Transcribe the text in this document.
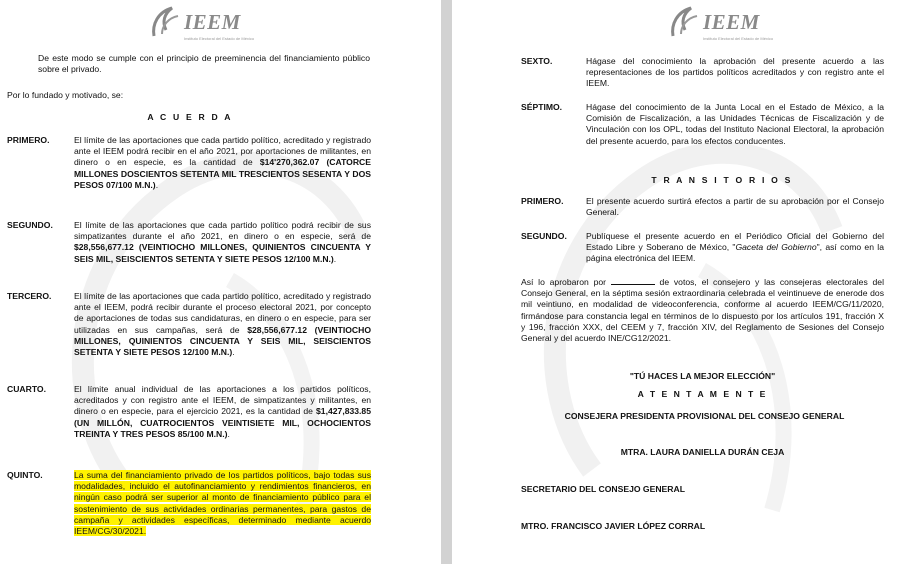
IEEM
Instituto Electoral del Estado de México
De este modo se cumple con el principio de preeminencia del financiamiento público sobre el privado.
Por lo fundado y motivado, se:
A C U E R D A
PRIMERO.	El límite de las aportaciones que cada partido político, acreditado y registrado ante el IEEM podrá recibir en el año 2021, por aportaciones de militantes, en dinero o en especie, es la cantidad de $14'270,362.07 (CATORCE MILLONES DOSCIENTOS SETENTA MIL TRESCIENTOS SESENTA Y DOS PESOS 07/100 M.N.).
SEGUNDO. El límite de las aportaciones que cada partido político podrá recibir de sus simpatizantes durante el año 2021, en dinero o en especie, será de $28,556,677.12 (VEINTIOCHO MILLONES, QUINIENTOS CINCUENTA Y SEIS MIL, SEISCIENTOS SETENTA Y SIETE PESOS 12/100 M.N.).
TERCERO.	El límite de las aportaciones que cada partido político, acreditado y registrado ante el IEEM, podrá recibir durante el proceso electoral 2021, por concepto de aportaciones de todas sus candidaturas, en dinero o en especie, para ser utilizadas en sus campañas, será de $28,556,677.12 (VEINTIOCHO MILLONES, QUINIENTOS CINCUENTA Y SEIS MIL, SEISCIENTOS SETENTA Y SIETE PESOS 12/100 M.N.).
CUARTO.	El límite anual individual de las aportaciones a los partidos políticos, acreditados y con registro ante el IEEM, de simpatizantes y militantes, en dinero o en especie, para el ejercicio 2021, es la cantidad de $1,427,833.85 (UN MILLÓN, CUATROCIENTOS VEINTISIETE MIL, OCHOCIENTOS TREINTA Y TRES PESOS 85/100 M.N.).
QUINTO.	La suma del financiamiento privado de los partidos políticos, bajo todas sus modalidades, incluido el autofinanciamiento y rendimientos financieros, en ningún caso podrá ser superior al monto de financiamiento público para el sostenimiento de sus actividades ordinarias permanentes, para gastos de campaña y actividades específicas, determinado mediante acuerdo IEEM/CG/30/2021.
IEEM
Instituto Electoral del Estado de México
SEXTO.	Hágase del conocimiento la aprobación del presente acuerdo a las representaciones de los partidos políticos acreditados y con registro ante el IEEM.
SÉPTIMO.	Hágase del conocimiento de la Junta Local en el Estado de México, a la Comisión de Fiscalización, a las Unidades Técnicas de Fiscalización y de Vinculación con los OPL, todas del Instituto Nacional Electoral, la aprobación del presente acuerdo, para los efectos conducentes.
T R A N S I T O R I O S
PRIMERO.	El presente acuerdo surtirá efectos a partir de su aprobación por el Consejo General.
SEGUNDO. Publíquese el presente acuerdo en el Periódico Oficial del Gobierno del Estado Libre y Soberano de México, "Gaceta del Gobierno", así como en la página electrónica del IEEM.
Así lo aprobaron por	de votos, el consejero y las consejeras electorales del Consejo General, en la séptima sesión extraordinaria celebrada el veintinueve de enerode dos mil veintiuno, en modalidad de videoconferencia, conforme al acuerdo IEEM/CG/11/2020, firmándose para constancia legal en términos de lo dispuesto por los artículos 191, fracción X y 196, fracción XXX, del CEEM y 7, fracción XIV, del Reglamento de Sesiones del Consejo General y del acuerdo INE/CG12/2021.
"TÚ HACES LA MEJOR ELECCIÓN"
A T E N T A M E N T E
CONSEJERA PRESIDENTA PROVISIONAL DEL CONSEJO GENERAL
MTRA. LAURA DANIELLA DURÁN CEJA
SECRETARIO DEL CONSEJO GENERAL
MTRO. FRANCISCO JAVIER LÓPEZ CORRAL
